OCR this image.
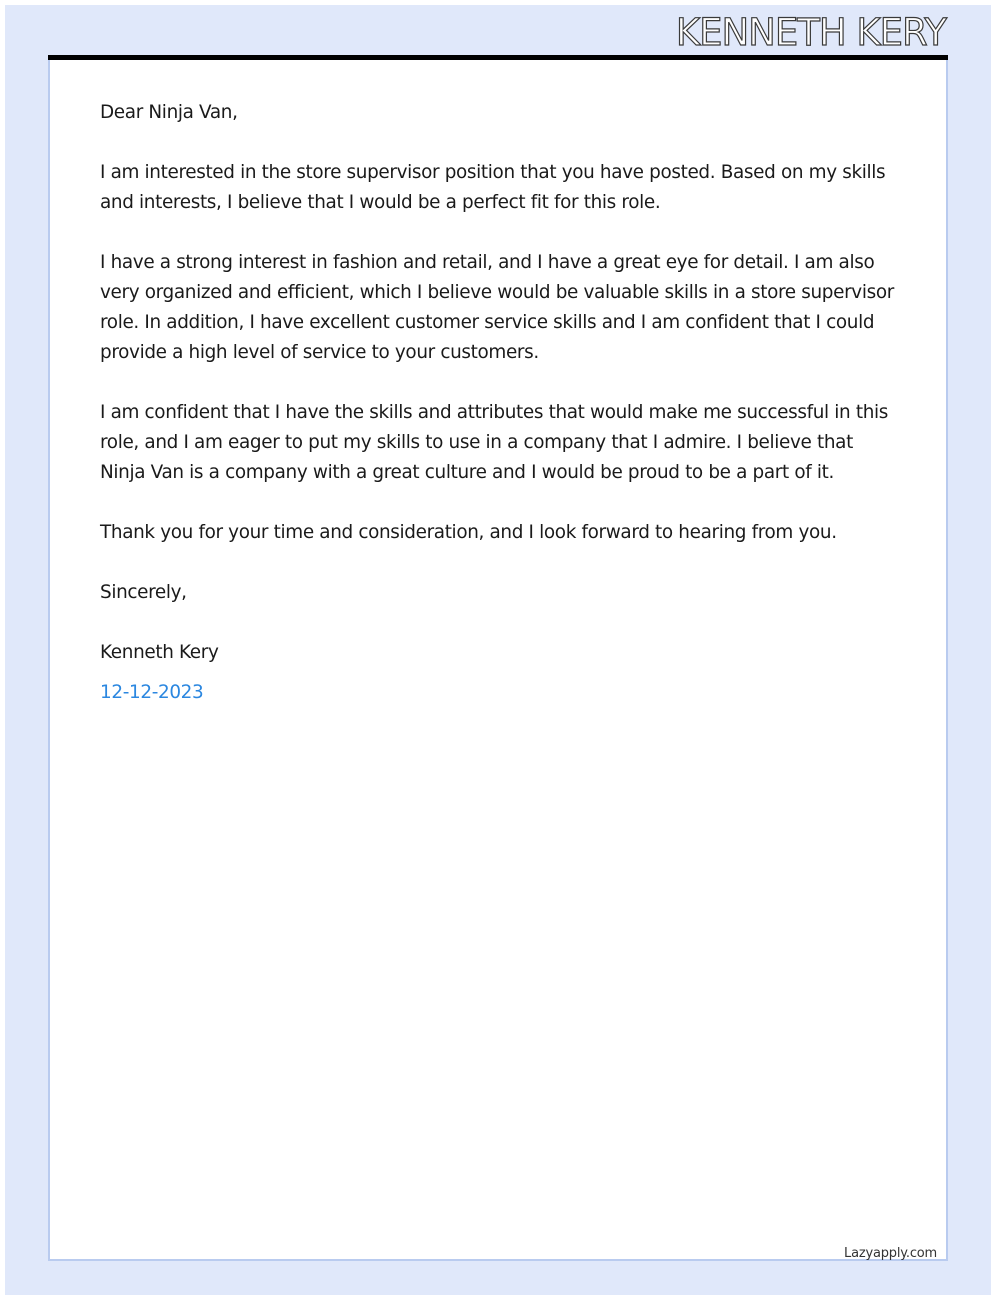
KENNETH KERY

Dear Ninja Van,

I am interested in the store supervisor position that you have posted. Based on my skills and interests, I believe that I would be a perfect fit for this role.

I have a strong interest in fashion and retail, and I have a great eye for detail. I am also very organized and efficient, which I believe would be valuable skills in a store supervisor role. In addition, I have excellent customer service skills and I am confident that I could provide a high level of service to your customers.

I am confident that I have the skills and attributes that would make me successful in this role, and I am eager to put my skills to use in a company that I admire. I believe that Ninja Van is a company with a great culture and I would be proud to be a part of it.

Thank you for your time and consideration, and I look forward to hearing from you.

Sincerely,

Kenneth Kery

12-12-2023

Lazyapply.com
